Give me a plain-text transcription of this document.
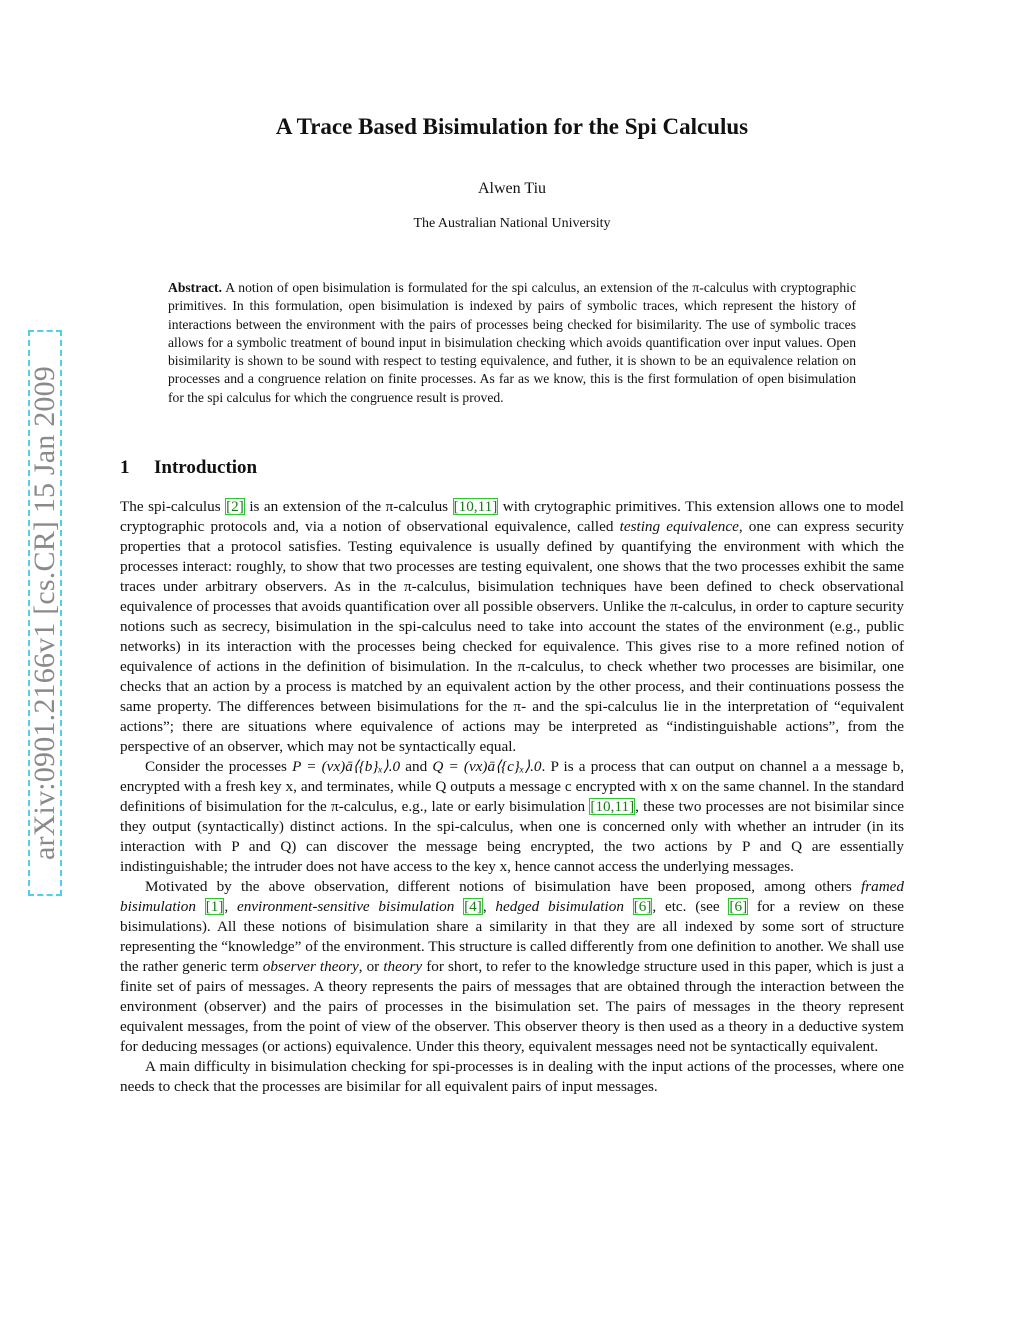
arXiv:0901.2166v1 [cs.CR] 15 Jan 2009
A Trace Based Bisimulation for the Spi Calculus
Alwen Tiu
The Australian National University
Abstract. A notion of open bisimulation is formulated for the spi calculus, an extension of the π-calculus with cryptographic primitives. In this formulation, open bisimulation is indexed by pairs of symbolic traces, which represent the history of interactions between the environment with the pairs of processes being checked for bisimilarity. The use of symbolic traces allows for a symbolic treatment of bound input in bisimulation checking which avoids quantification over input values. Open bisimilarity is shown to be sound with respect to testing equivalence, and futher, it is shown to be an equivalence relation on processes and a congruence relation on finite processes. As far as we know, this is the first formulation of open bisimulation for the spi calculus for which the congruence result is proved.
1 Introduction

The spi-calculus [2] is an extension of the π-calculus [10,11] with crytographic primitives. This extension allows one to model cryptographic protocols and, via a notion of observational equivalence, called testing equivalence, one can express security properties that a protocol satisfies. Testing equivalence is usually defined by quantifying the environment with which the processes interact: roughly, to show that two processes are testing equivalent, one shows that the two processes exhibit the same traces under arbitrary observers. As in the π-calculus, bisimulation techniques have been defined to check observational equivalence of processes that avoids quantification over all possible observers. Unlike the π-calculus, in order to capture security notions such as secrecy, bisimulation in the spi-calculus need to take into account the states of the environment (e.g., public networks) in its interaction with the processes being checked for equivalence. This gives rise to a more refined notion of equivalence of actions in the definition of bisimulation. In the π-calculus, to check whether two processes are bisimilar, one checks that an action by a process is matched by an equivalent action by the other process, and their continuations possess the same property. The differences between bisimulations for the π- and the spi-calculus lie in the interpretation of “equivalent actions”; there are situations where equivalence of actions may be interpreted as “indistinguishable actions”, from the perspective of an observer, which may not be syntactically equal.

Consider the processes P = (νx)ā⟨{b}ₓ⟩.0 and Q = (νx)ā⟨{c}ₓ⟩.0. P is a process that can output on channel a a message b, encrypted with a fresh key x, and terminates, while Q outputs a message c encrypted with x on the same channel. In the standard definitions of bisimulation for the π-calculus, e.g., late or early bisimulation [10,11], these two processes are not bisimilar since they output (syntactically) distinct actions. In the spi-calculus, when one is concerned only with whether an intruder (in its interaction with P and Q) can discover the message being encrypted, the two actions by P and Q are essentially indistinguishable; the intruder does not have access to the key x, hence cannot access the underlying messages.

Motivated by the above observation, different notions of bisimulation have been proposed, among others framed bisimulation [1], environment-sensitive bisimulation [4], hedged bisimulation [6], etc. (see [6] for a review on these bisimulations). All these notions of bisimulation share a similarity in that they are all indexed by some sort of structure representing the “knowledge” of the environment. This structure is called differently from one definition to another. We shall use the rather generic term observer theory, or theory for short, to refer to the knowledge structure used in this paper, which is just a finite set of pairs of messages. A theory represents the pairs of messages that are obtained through the interaction between the environment (observer) and the pairs of processes in the bisimulation set. The pairs of messages in the theory represent equivalent messages, from the point of view of the observer. This observer theory is then used as a theory in a deductive system for deducing messages (or actions) equivalence. Under this theory, equivalent messages need not be syntactically equivalent.

A main difficulty in bisimulation checking for spi-processes is in dealing with the input actions of the processes, where one needs to check that the processes are bisimilar for all equivalent pairs of input messages.
